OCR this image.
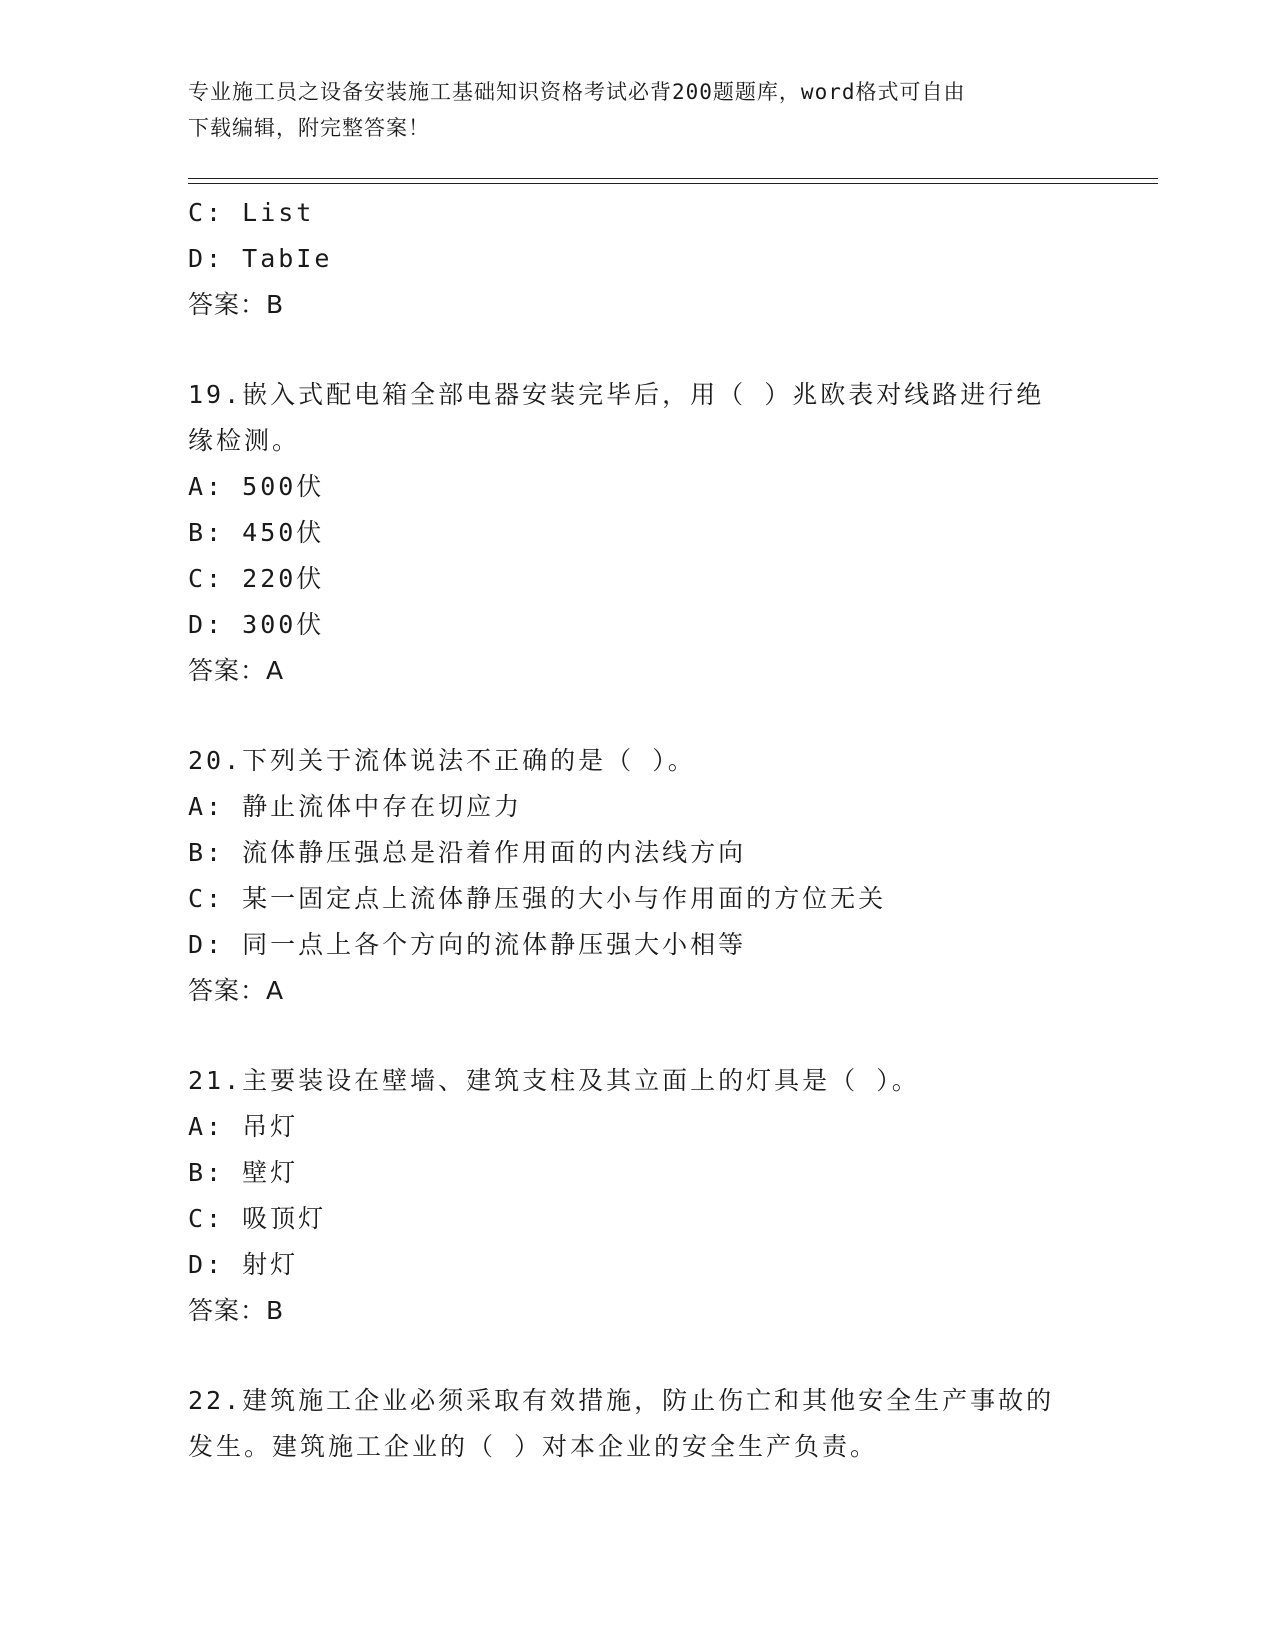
专业施工员之设备安装施工基础知识资格考试必背200题题库，word格式可自由
下载编辑，附完整答案！
C: List
D: TabIe
答案：B
19.嵌入式配电箱全部电器安装完毕后，用（ ）兆欧表对线路进行绝
缘检测。
A: 500伏
B: 450伏
C: 220伏
D: 300伏
答案：A
20.下列关于流体说法不正确的是（ ）。
A: 静止流体中存在切应力
B: 流体静压强总是沿着作用面的内法线方向
C: 某一固定点上流体静压强的大小与作用面的方位无关
D: 同一点上各个方向的流体静压强大小相等
答案：A
21.主要装设在壁墙、建筑支柱及其立面上的灯具是（ ）。
A: 吊灯
B: 壁灯
C: 吸顶灯
D: 射灯
答案：B
22.建筑施工企业必须采取有效措施，防止伤亡和其他安全生产事故的
发生。建筑施工企业的（ ）对本企业的安全生产负责。
